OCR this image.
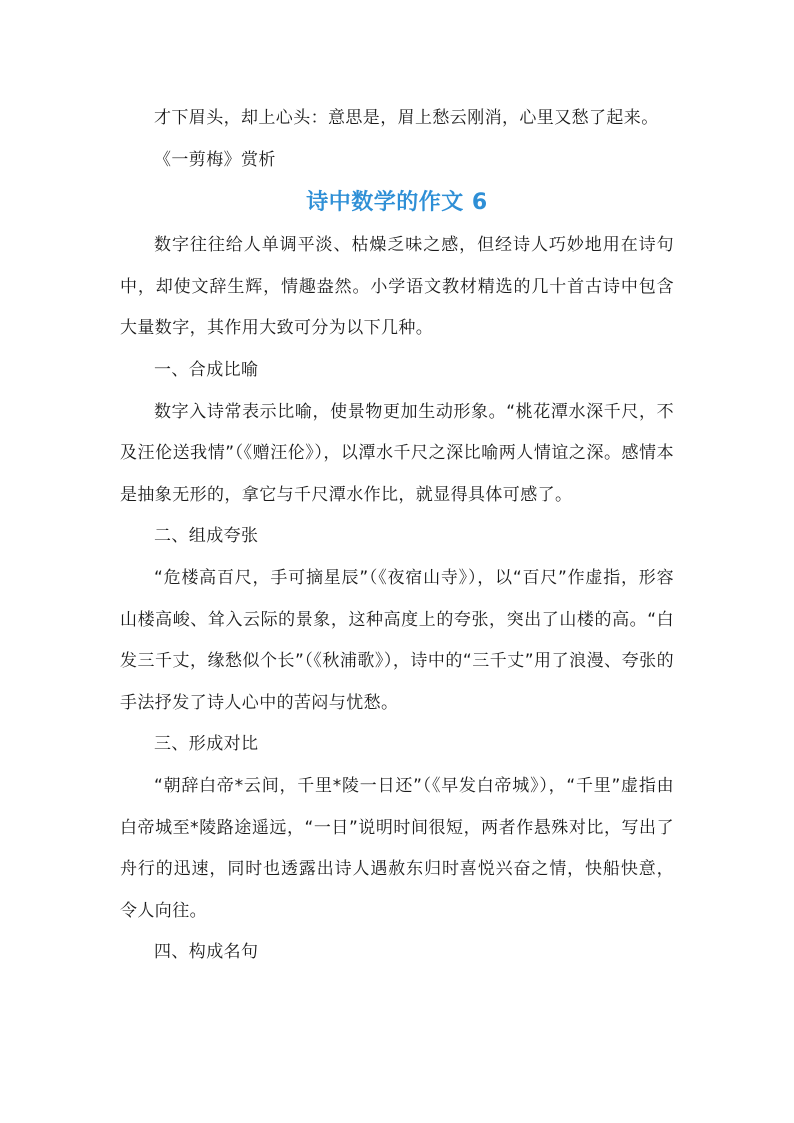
才下眉头，却上心头：意思是，眉上愁云刚消，心里又愁了起来。

《一剪梅》赏析

诗中数学的作文 6

数字往往给人单调平淡、枯燥乏味之感，但经诗人巧妙地用在诗句中，却使文辞生辉，情趣盎然。小学语文教材精选的几十首古诗中包含大量数字，其作用大致可分为以下几种。

一、合成比喻

数字入诗常表示比喻，使景物更加生动形象。“桃花潭水深千尺，不及汪伦送我情”（《赠汪伦》），以潭水千尺之深比喻两人情谊之深。感情本是抽象无形的，拿它与千尺潭水作比，就显得具体可感了。

二、组成夸张

“危楼高百尺，手可摘星辰”（《夜宿山寺》），以“百尺”作虚指，形容山楼高峻、耸入云际的景象，这种高度上的夸张，突出了山楼的高。“白发三千丈，缘愁似个长”（《秋浦歌》），诗中的“三千丈”用了浪漫、夸张的手法抒发了诗人心中的苦闷与忧愁。

三、形成对比

“朝辞白帝*云间，千里*陵一日还”（《早发白帝城》），“千里”虚指由白帝城至*陵路途遥远，“一日”说明时间很短，两者作悬殊对比，写出了舟行的迅速，同时也透露出诗人遇赦东归时喜悦兴奋之情，快船快意，令人向往。

四、构成名句
